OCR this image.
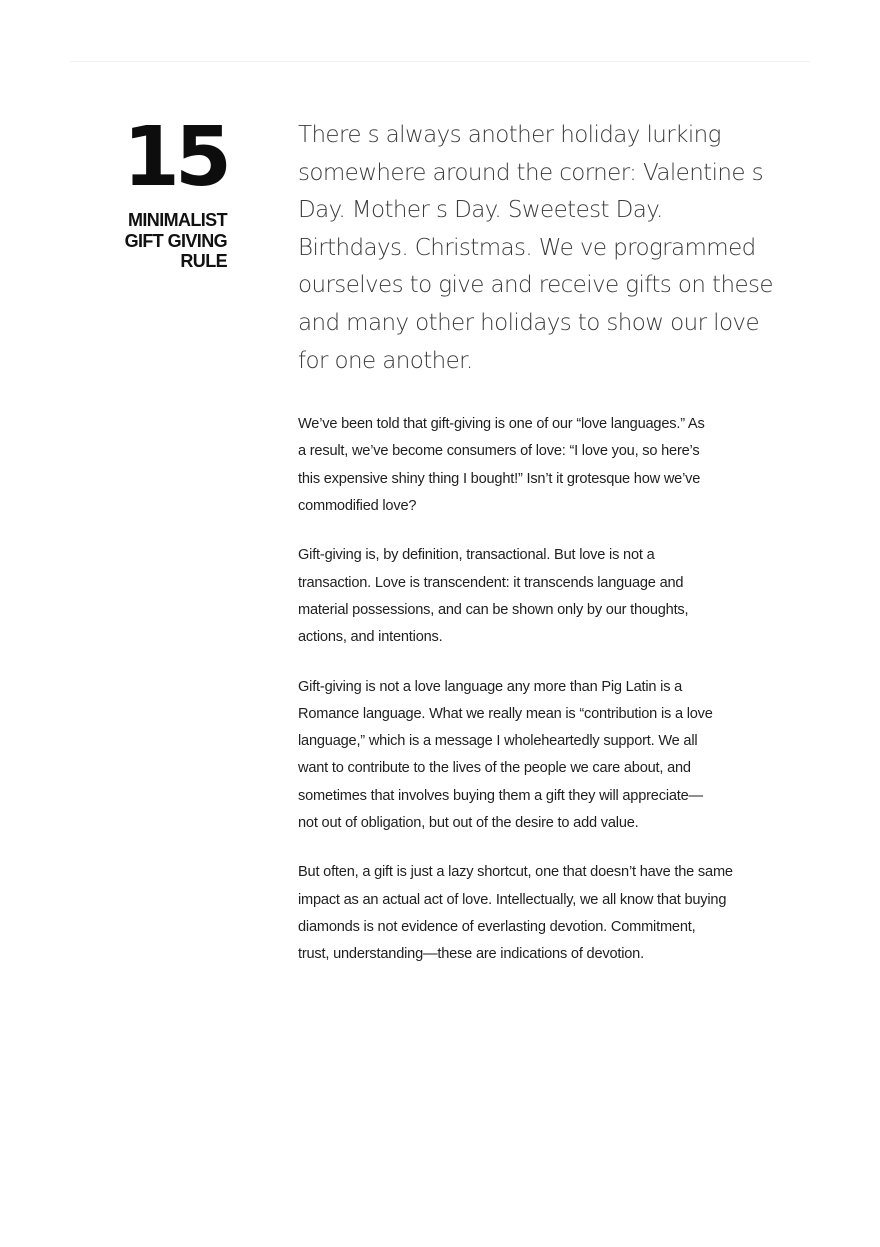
15
MINIMALIST
GIFT GIVING
RULE

There s always another holiday lurking
somewhere around the corner: Valentine s
Day. Mother s Day. Sweetest Day.
Birthdays. Christmas. We ve programmed
ourselves to give and receive gifts on these
and many other holidays to show our love
for one another.

We’ve been told that gift-giving is one of our “love languages.” As
a result, we’ve become consumers of love: “I love you, so here’s
this expensive shiny thing I bought!” Isn’t it grotesque how we’ve
commodified love?

Gift-giving is, by definition, transactional. But love is not a
transaction. Love is transcendent: it transcends language and
material possessions, and can be shown only by our thoughts,
actions, and intentions.

Gift-giving is not a love language any more than Pig Latin is a
Romance language. What we really mean is “contribution is a love
language,” which is a message I wholeheartedly support. We all
want to contribute to the lives of the people we care about, and
sometimes that involves buying them a gift they will appreciate—
not out of obligation, but out of the desire to add value.

But often, a gift is just a lazy shortcut, one that doesn’t have the same
impact as an actual act of love. Intellectually, we all know that buying
diamonds is not evidence of everlasting devotion. Commitment,
trust, understanding—these are indications of devotion.
